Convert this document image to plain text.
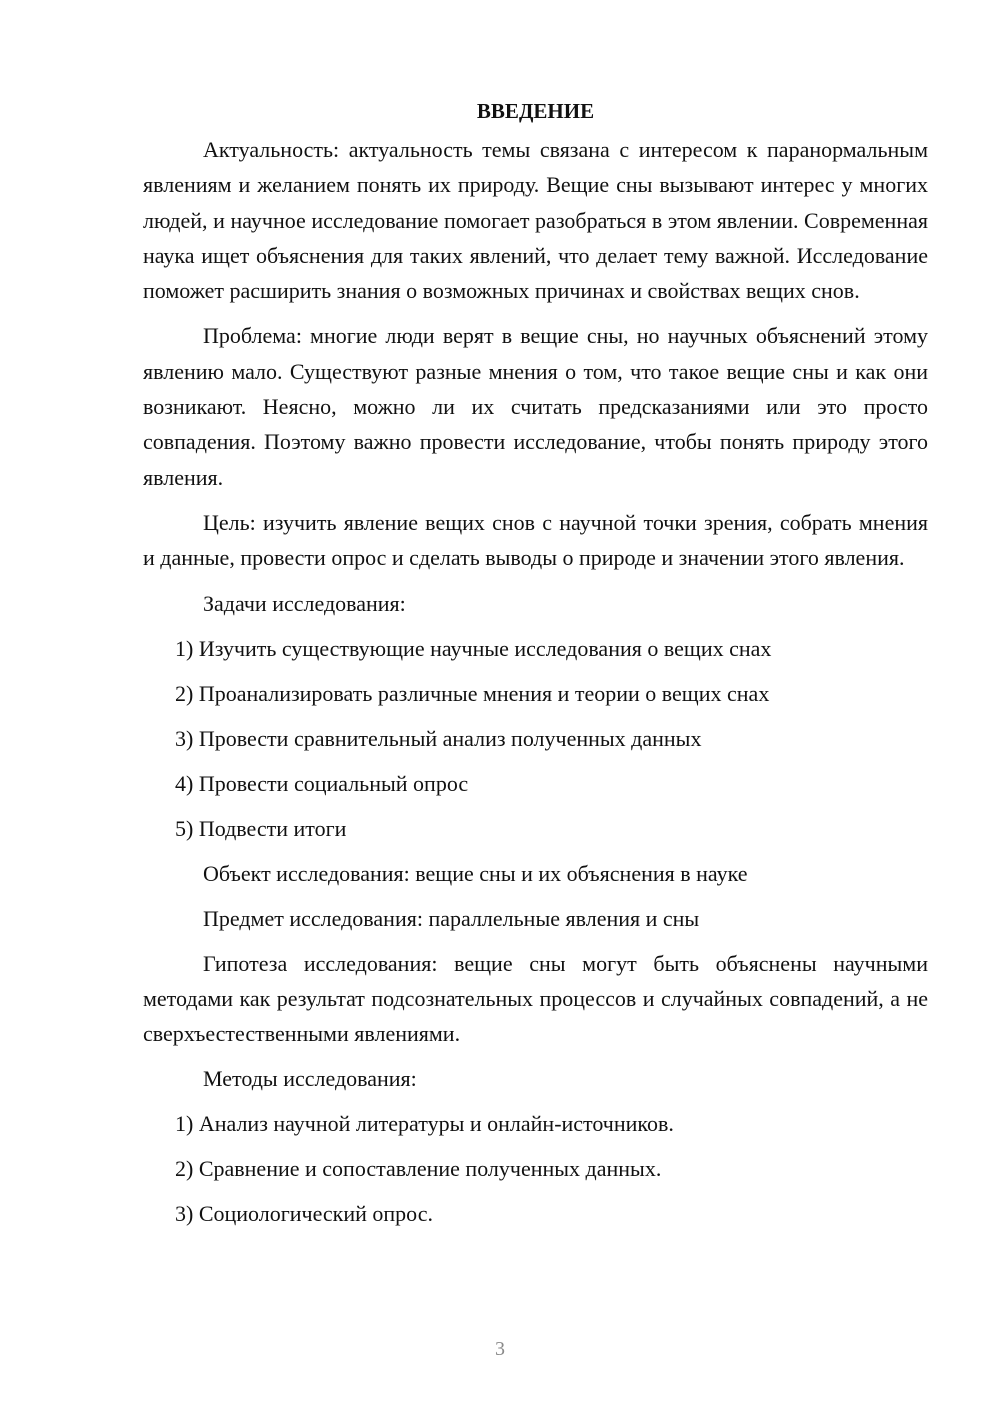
ВВЕДЕНИЕ

Актуальность: актуальность темы связана с интересом к паранормальным явлениям и желанием понять их природу. Вещие сны вызывают интерес у многих людей, и научное исследование помогает разобраться в этом явлении. Современная наука ищет объяснения для таких явлений, что делает тему важной. Исследование поможет расширить знания о возможных причинах и свойствах вещих снов.

Проблема: многие люди верят в вещие сны, но научных объяснений этому явлению мало. Существуют разные мнения о том, что такое вещие сны и как они возникают. Неясно, можно ли их считать предсказаниями или это просто совпадения. Поэтому важно провести исследование, чтобы понять природу этого явления.

Цель: изучить явление вещих снов с научной точки зрения, собрать мнения и данные, провести опрос и сделать выводы о природе и значении этого явления.

Задачи исследования:
1) Изучить существующие научные исследования о вещих снах
2) Проанализировать различные мнения и теории о вещих снах
3) Провести сравнительный анализ полученных данных
4) Провести социальный опрос
5) Подвести итоги
Объект исследования: вещие сны и их объяснения в науке
Предмет исследования: параллельные явления и сны

Гипотеза исследования: вещие сны могут быть объяснены научными методами как результат подсознательных процессов и случайных совпадений, а не сверхъестественными явлениями.

Методы исследования:
1) Анализ научной литературы и онлайн-источников.
2) Сравнение и сопоставление полученных данных.
3) Социологический опрос.
3
